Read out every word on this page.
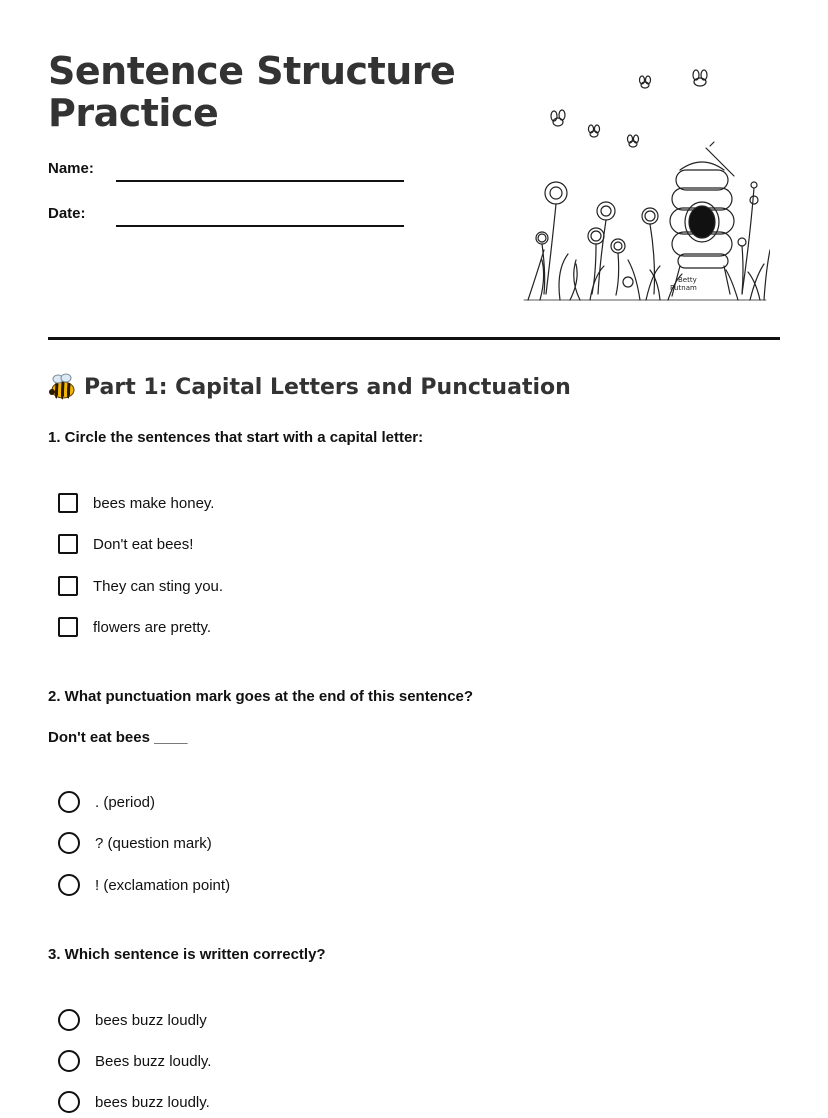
Sentence Structure Practice
Name:
Date:
Betty
Putnam
Part 1: Capital Letters and Punctuation
1. Circle the sentences that start with a capital letter:
bees make honey.
Don't eat bees!
They can sting you.
flowers are pretty.
2. What punctuation mark goes at the end of this sentence?
Don't eat bees ____
. (period)
? (question mark)
! (exclamation point)
3. Which sentence is written correctly?
bees buzz loudly
Bees buzz loudly.
bees buzz loudly.
